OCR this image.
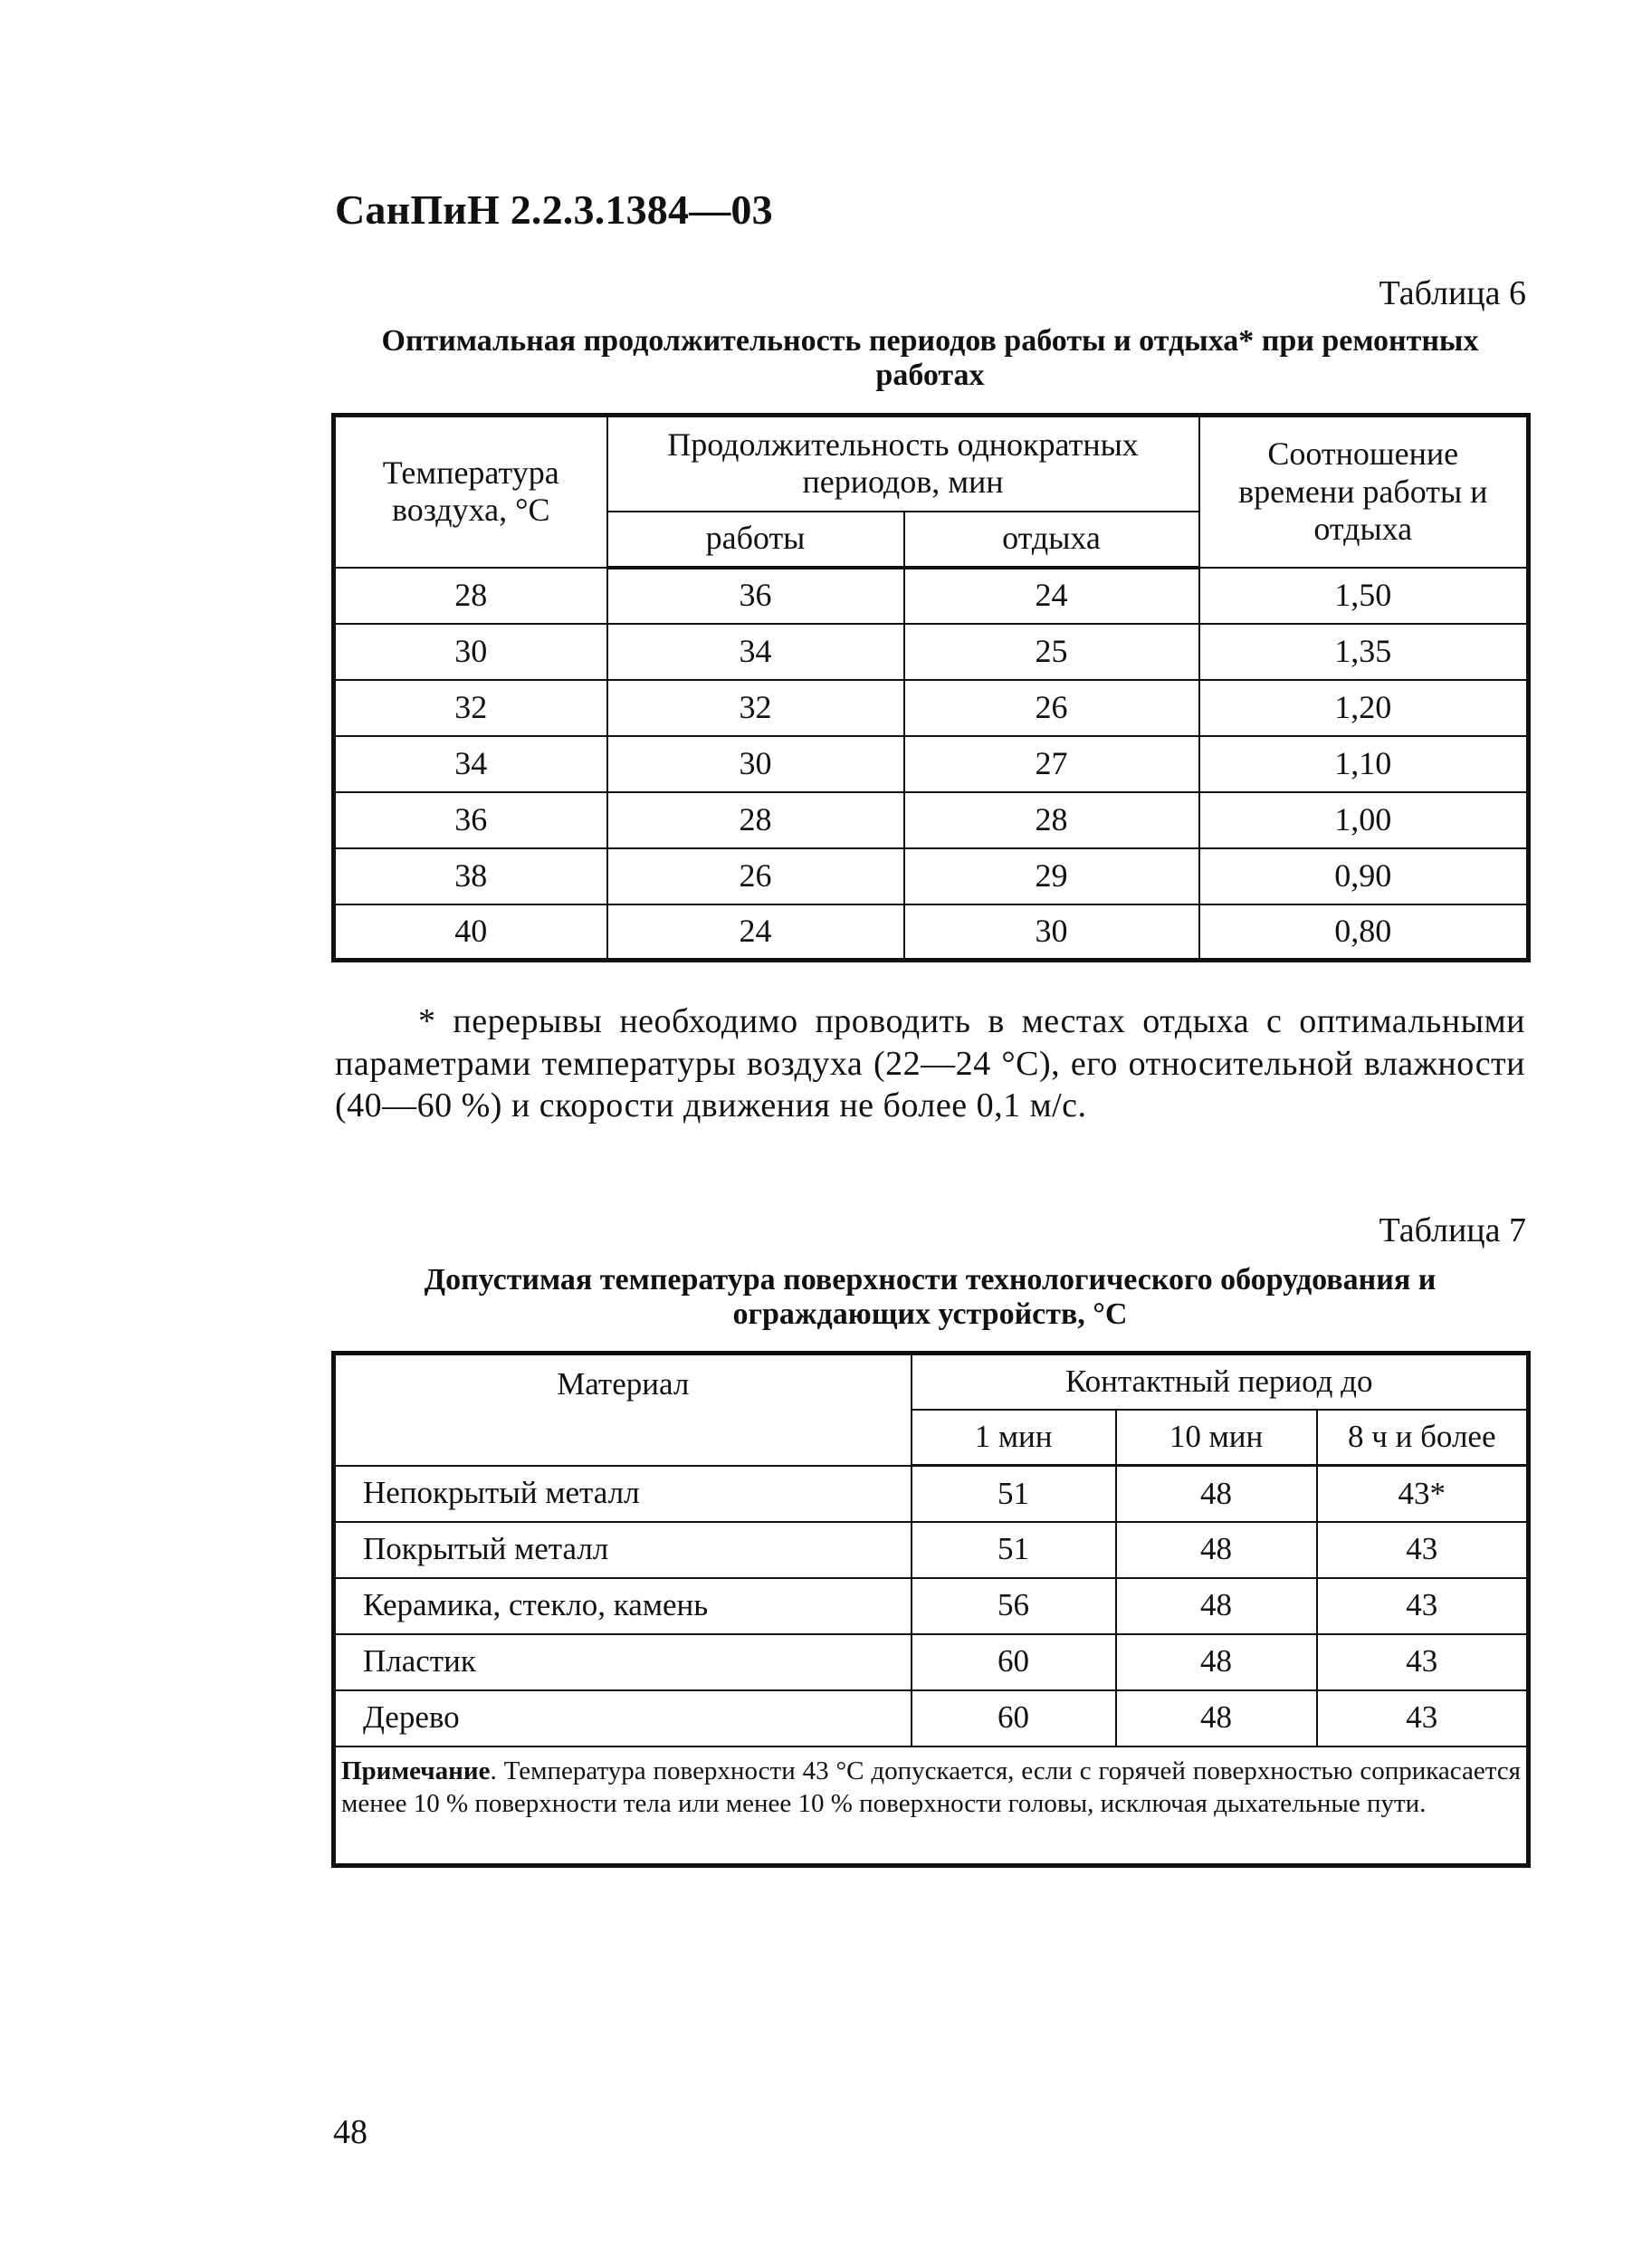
СанПиН 2.2.3.1384—03
Таблица 6
Оптимальная продолжительность периодов работы и отдыха* при ремонтных работах
Температура воздуха, °С	Продолжительность однократных периодов, мин		Соотношение времени работы и отдыха
	работы	отдыха	
28	36	24	1,50
30	34	25	1,35
32	32	26	1,20
34	30	27	1,10
36	28	28	1,00
38	26	29	0,90
40	24	30	0,80
* перерывы необходимо проводить в местах отдыха с оптимальными параметрами температуры воздуха (22—24 °С), его относительной влажности (40—60 %) и скорости движения не более 0,1 м/с.
Таблица 7
Допустимая температура поверхности технологического оборудования и ограждающих устройств, °С
Материал	Контактный период до		
	1 мин	10 мин	8 ч и более
Непокрытый металл	51	48	43*
Покрытый металл	51	48	43
Керамика, стекло, камень	56	48	43
Пластик	60	48	43
Дерево	60	48	43
Примечание. Температура поверхности 43 °С допускается, если с горячей поверхностью соприкасается менее 10 % поверхности тела или менее 10 % поверхности головы, исключая дыхательные пути.			
48
